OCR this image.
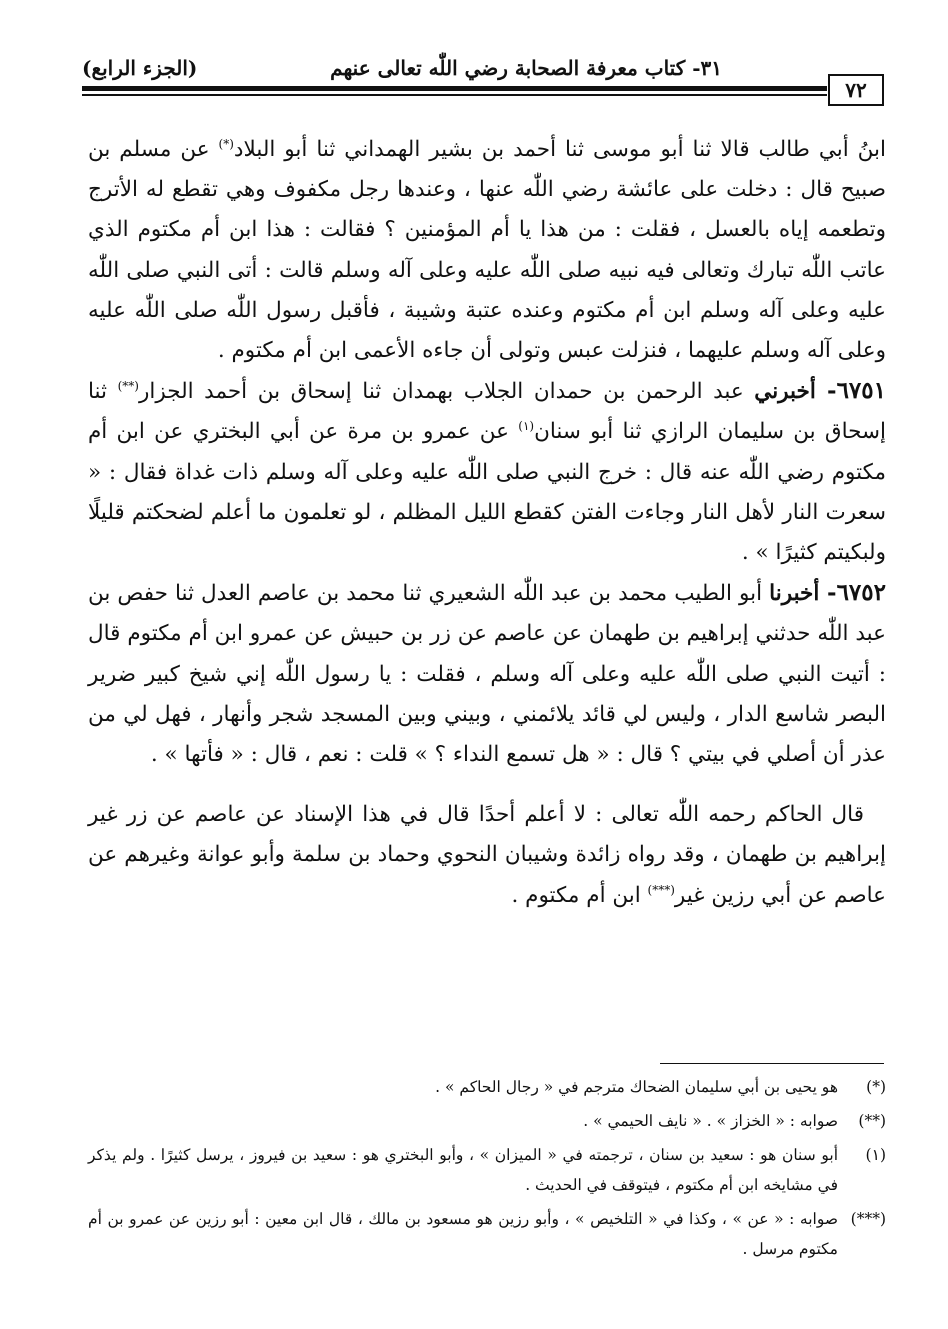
٣١- كتاب معرفة الصحابة رضي اللّٰه تعالى عنهم
(الجزء الرابع)
٧٢

ابنُ أبي طالب قالا ثنا أبو موسى ثنا أحمد بن بشير الهمداني ثنا أبو البلاد(*) عن مسلم بن صبيح قال : دخلت على عائشة رضي اللّٰه عنها ، وعندها رجل مكفوف وهي تقطع له الأترج وتطعمه إياه بالعسل ، فقلت : من هذا يا أم المؤمنين ؟ فقالت : هذا ابن أم مكتوم الذي عاتب اللّٰه تبارك وتعالى فيه نبيه صلى اللّٰه عليه وعلى آله وسلم قالت : أتى النبي صلى اللّٰه عليه وعلى آله وسلم ابن أم مكتوم وعنده عتبة وشيبة ، فأقبل رسول اللّٰه صلى اللّٰه عليه وعلى آله وسلم عليهما ، فنزلت عبس وتولى أن جاءه الأعمى ابن أم مكتوم .

٦٧٥١- أخبرني عبد الرحمن بن حمدان الجلاب بهمدان ثنا إسحاق بن أحمد الجزار(**) ثنا إسحاق بن سليمان الرازي ثنا أبو سنان$^{(١)}$ عن عمرو بن مرة عن أبي البختري عن ابن أم مكتوم رضي اللّٰه عنه قال : خرج النبي صلى اللّٰه عليه وعلى آله وسلم ذات غداة فقال : « سعرت النار لأهل النار وجاءت الفتن كقطع الليل المظلم ، لو تعلمون ما أعلم لضحكتم قليلًا ولبكيتم كثيرًا » .

٦٧٥٢- أخبرنا أبو الطيب محمد بن عبد اللّٰه الشعيري ثنا محمد بن عاصم العدل ثنا حفص بن عبد اللّٰه حدثني إبراهيم بن طهمان عن عاصم عن زر بن حبيش عن عمرو ابن أم مكتوم قال : أتيت النبي صلى اللّٰه عليه وعلى آله وسلم ، فقلت : يا رسول اللّٰه إني شيخ كبير ضرير البصر شاسع الدار ، وليس لي قائد يلائمني ، وبيني وبين المسجد شجر وأنهار ، فهل لي من عذر أن أصلي في بيتي ؟ قال : « هل تسمع النداء ؟ » قلت : نعم ، قال : « فأتها » .

قال الحاكم رحمه اللّٰه تعالى : لا أعلم أحدًا قال في هذا الإسناد عن عاصم عن زر غير إبراهيم بن طهمان ، وقد رواه زائدة وشيبان النحوي وحماد بن سلمة وأبو عوانة وغيرهم عن عاصم عن أبي رزين غير(***) ابن أم مكتوم .

(*)
هو يحيى بن أبي سليمان الضحاك مترجم في « رجال الحاكم » .

(**)
صوابه : « الخزاز » . « نايف الحيمي » .

(١)
أبو سنان هو : سعيد بن سنان ، ترجمته في « الميزان » ، وأبو البختري هو : سعيد بن فيروز ، يرسل كثيرًا . ولم يذكر في مشايخه ابن أم مكتوم ، فيتوقف في الحديث .

(***)
صوابه : « عن » ، وكذا في « التلخيص » ، وأبو رزين هو مسعود بن مالك ، قال ابن معين : أبو رزين عن عمرو بن أم مكتوم مرسل .
